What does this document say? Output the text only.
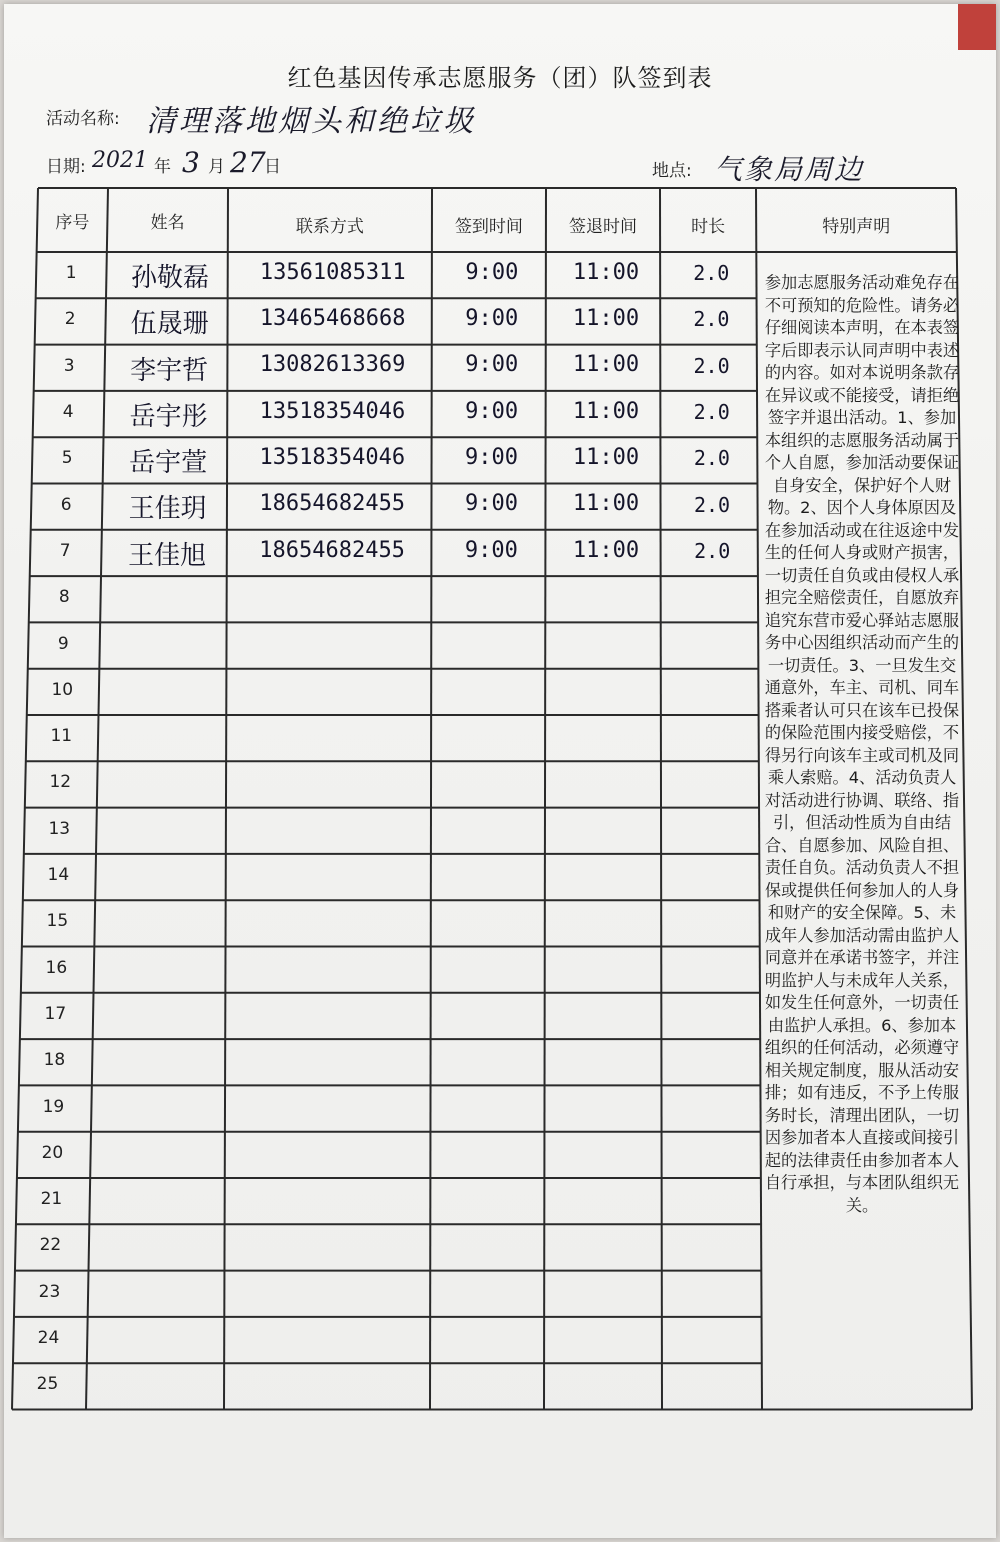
红色基因传承志愿服务（团）队签到表
活动名称: 清理落地烟头和绝垃圾
日期: 2021 年 3 月 27
日	地点: 气象局周边
序号	姓名	联系方式	签到时间	签退时间	时长	特别声明
1	孙敬磊	13561085311	9:00	11:00	2.0
2	伍晟珊	13465468668	9:00	11:00	2.0
3	李宇哲	13082613369	9:00	11:00	2.0
4	岳宇彤	13518354046	9:00	11:00	2.0
5	岳宇萱	13518354046	9:00	11:00	2.0
6	王佳玥	18654682455	9:00	11:00	2.0
7	王佳旭	18654682455	9:00	11:00	2.0
8
9
10
11
12
13
14
15
16
17
18
19
20
21
22
23
24
25
参加志愿服务活动难免存在不可预知的危险性。请务必仔细阅读本声明，在本表签字后即表示认同声明中表述的内容。如对本说明条款存在异议或不能接受，请拒绝签字并退出活动。1、参加本组织的志愿服务活动属于个人自愿，参加活动要保证自身安全，保护好个人财物。2、因个人身体原因及在参加活动或在往返途中发生的任何人身或财产损害，一切责任自负或由侵权人承担完全赔偿责任，自愿放弃追究东营市爱心驿站志愿服务中心因组织活动而产生的一切责任。3、一旦发生交通意外，车主、司机、同车搭乘者认可只在该车已投保的保险范围内接受赔偿，不得另行向该车主或司机及同乘人索赔。4、活动负责人对活动进行协调、联络、指引，但活动性质为自由结合、自愿参加、风险自担、责任自负。活动负责人不担保或提供任何参加人的人身和财产的安全保障。5、未成年人参加活动需由监护人同意并在承诺书签字，并注明监护人与未成年人关系，如发生任何意外，一切责任由监护人承担。6、参加本组织的任何活动，必须遵守相关规定制度，服从活动安排；如有违反，不予上传服务时长，清理出团队，一切因参加者本人直接或间接引起的法律责任由参加者本人自行承担，与本团队组织无关。
